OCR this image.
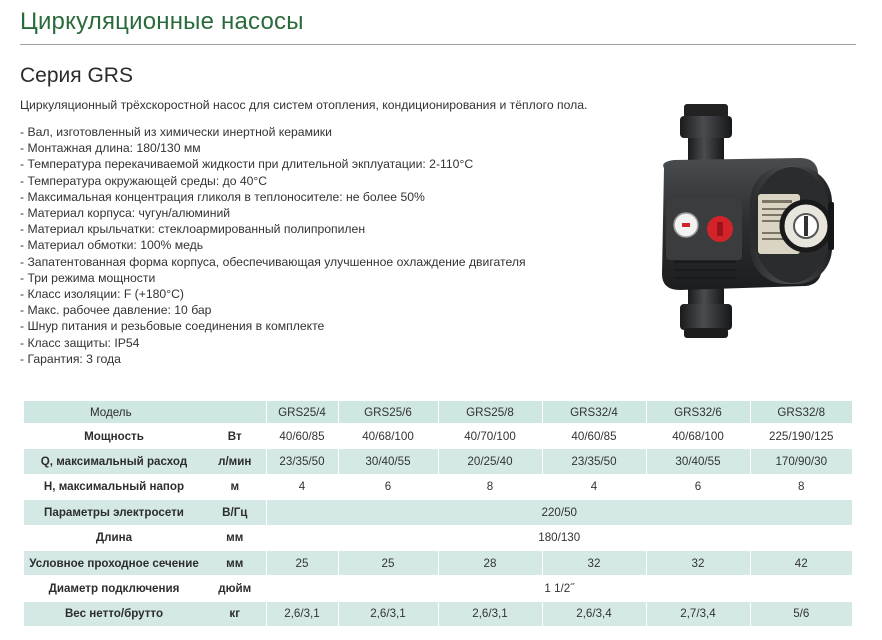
Циркуляционные насосы
Серия GRS
Циркуляционный трёхскоростной насос для систем отопления, кондиционирования и тёплого пола.
- Вал, изготовленный из химически инертной керамики
- Монтажная длина: 180/130 мм
- Температура перекачиваемой жидкости при длительной экплуатации: 2-110°С
- Температура окружающей среды: до 40°С
- Максимальная концентрация гликоля в теплоносителе: не более 50%
- Материал корпуса: чугун/алюминий
- Материал крыльчатки: стеклоармированный полипропилен
- Материал обмотки: 100% медь
- Запатентованная форма корпуса, обеспечивающая улучшенное охлаждение двигателя
- Три режима мощности
- Класс изоляции: F (+180°С)
- Макс. рабочее давление: 10 бар
- Шнур питания и резьбовые соединения в комплекте
- Класс защиты: IP54
- Гарантия: 3 года
Модель		GRS25/4	GRS25/6	GRS25/8	GRS32/4	GRS32/6	GRS32/8
Мощность	Вт	40/60/85	40/68/100	40/70/100	40/60/85	40/68/100	225/190/125
Q, максимальный расход	л/мин	23/35/50	30/40/55	20/25/40	23/35/50	30/40/55	170/90/30
Н, максимальный напор	м	4	6	8	4	6	8
Параметры электросети	В/Гц	220/50					
Длина	мм	180/130					
Условное проходное сечение	мм	25	25	28	32	32	42
Диаметр подключения	дюйм	1 1/2˝					
Вес нетто/брутто	кг	2,6/3,1	2,6/3,1	2,6/3,1	2,6/3,4	2,7/3,4	5/6
